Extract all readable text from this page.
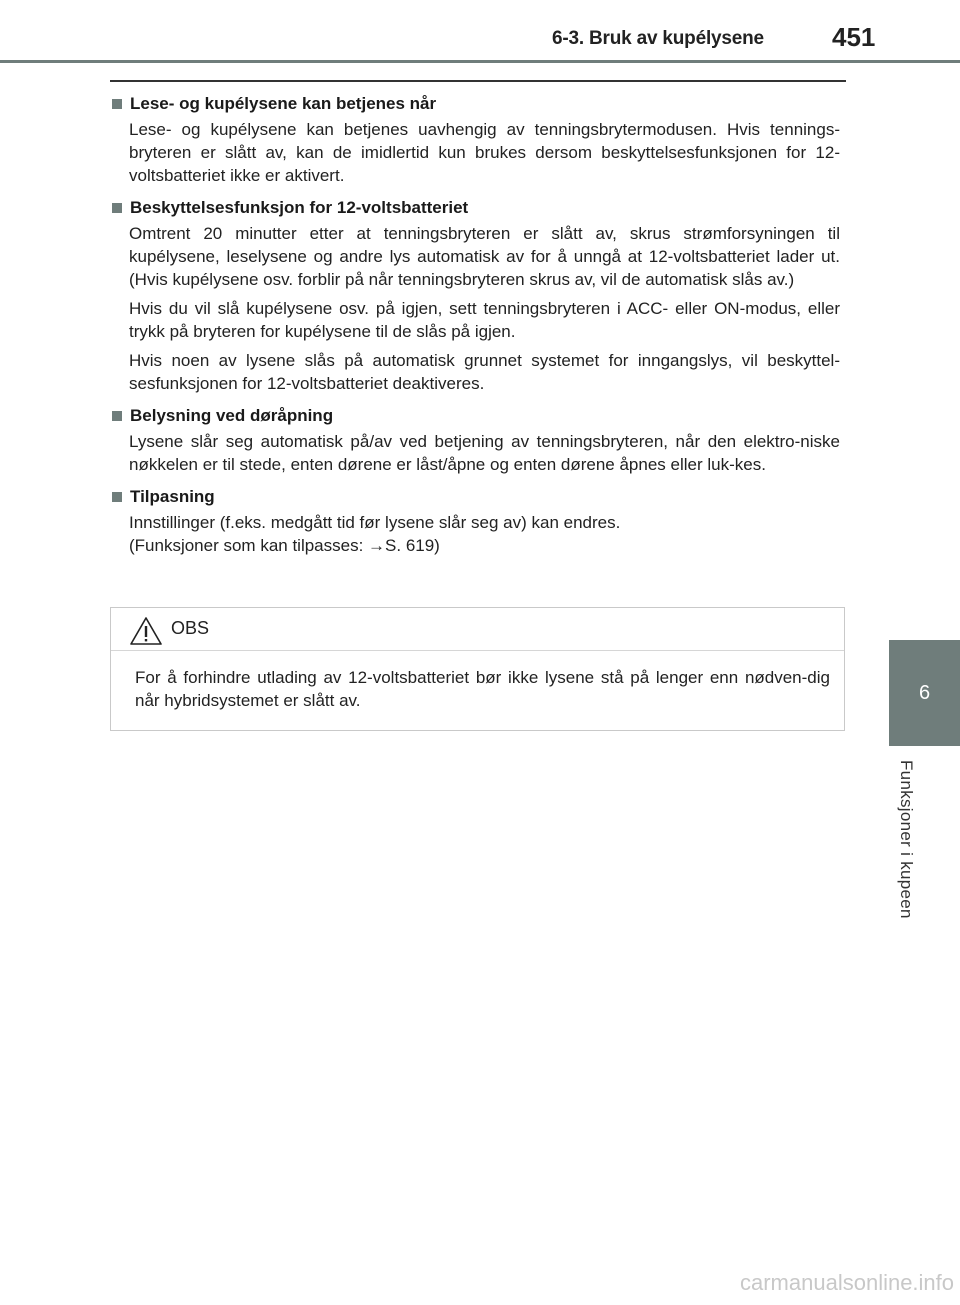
6-3. Bruk av kupélysene	451
6
Funksjoner i kupeen
Lese- og kupélysene kan betjenes når

Lese- og kupélysene kan betjenes uavhengig av tenningsbrytermodusen. Hvis tennings-bryteren er slått av, kan de imidlertid kun brukes dersom beskyttelsesfunksjonen for 12-voltsbatteriet ikke er aktivert.

Beskyttelsesfunksjon for 12-voltsbatteriet

Omtrent 20 minutter etter at tenningsbryteren er slått av, skrus strømforsyningen til kupélysene, leselysene og andre lys automatisk av for å unngå at 12-voltsbatteriet lader ut. (Hvis kupélysene osv. forblir på når tenningsbryteren skrus av, vil de automatisk slås av.)

Hvis du vil slå kupélysene osv. på igjen, sett tenningsbryteren i ACC- eller ON-modus, eller trykk på bryteren for kupélysene til de slås på igjen.

Hvis noen av lysene slås på automatisk grunnet systemet for inngangslys, vil beskyttel-sesfunksjonen for 12-voltsbatteriet deaktiveres.

Belysning ved døråpning

Lysene slår seg automatisk på/av ved betjening av tenningsbryteren, når den elektro-niske nøkkelen er til stede, enten dørene er låst/åpne og enten dørene åpnes eller luk-kes.

Tilpasning

Innstillinger (f.eks. medgått tid før lysene slår seg av) kan endres.

(Funksjoner som kan tilpasses: →S. 619)

OBS
For å forhindre utlading av 12-voltsbatteriet bør ikke lysene stå på lenger enn nødven-dig når hybridsystemet er slått av.
carmanualsonline.info
